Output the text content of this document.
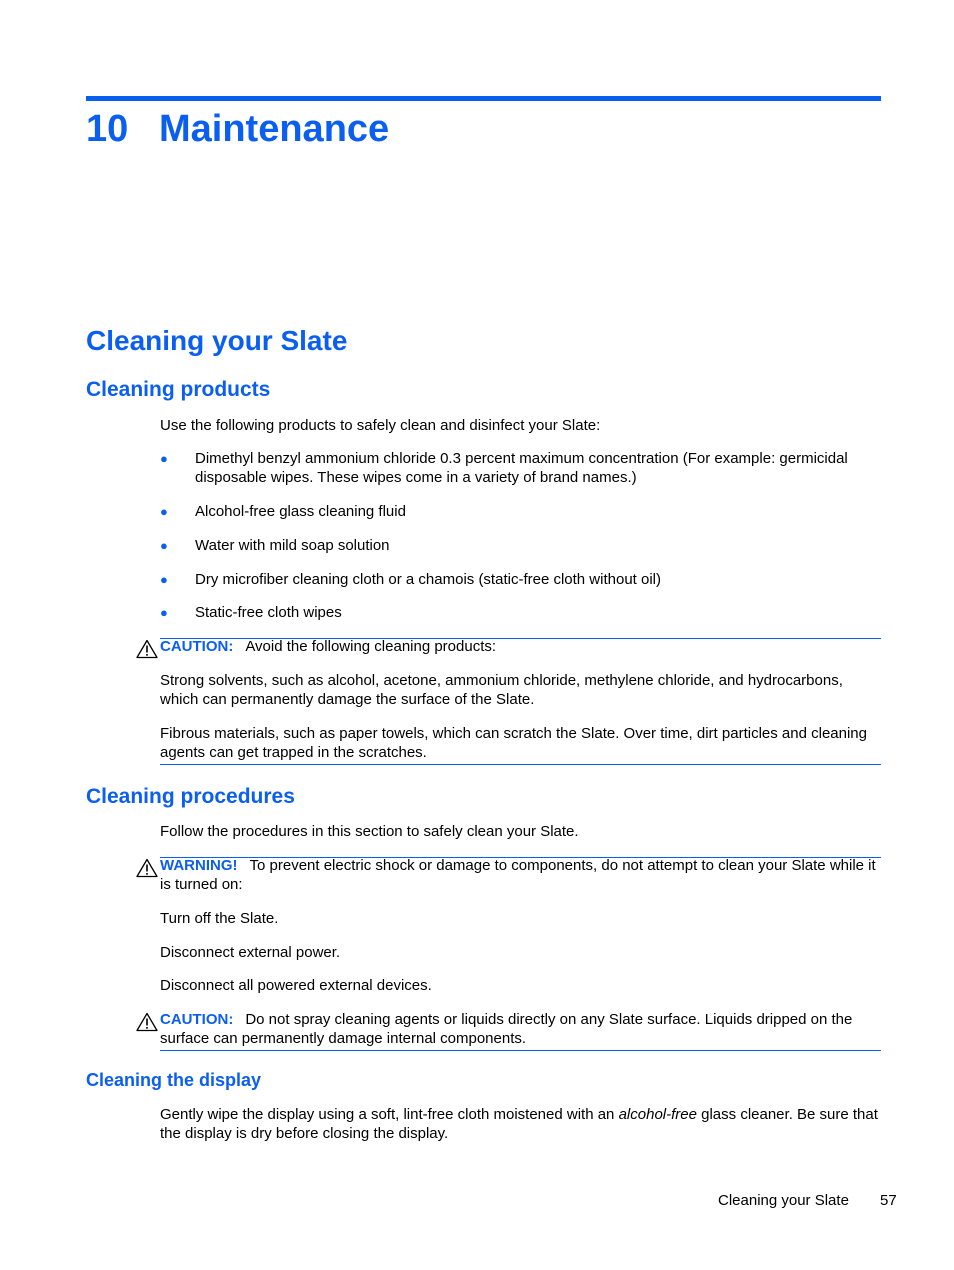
10 Maintenance
Cleaning your Slate
Cleaning products
Use the following products to safely clean and disinfect your Slate:
● Dimethyl benzyl ammonium chloride 0.3 percent maximum concentration (For example: germicidal disposable wipes. These wipes come in a variety of brand names.)
● Alcohol-free glass cleaning fluid
● Water with mild soap solution
● Dry microfiber cleaning cloth or a chamois (static-free cloth without oil)
● Static-free cloth wipes
CAUTION: Avoid the following cleaning products:
Strong solvents, such as alcohol, acetone, ammonium chloride, methylene chloride, and hydrocarbons, which can permanently damage the surface of the Slate.
Fibrous materials, such as paper towels, which can scratch the Slate. Over time, dirt particles and cleaning agents can get trapped in the scratches.
Cleaning procedures
Follow the procedures in this section to safely clean your Slate.
WARNING! To prevent electric shock or damage to components, do not attempt to clean your Slate while it is turned on:
Turn off the Slate.
Disconnect external power.
Disconnect all powered external devices.
CAUTION: Do not spray cleaning agents or liquids directly on any Slate surface. Liquids dripped on the surface can permanently damage internal components.
Cleaning the display
Gently wipe the display using a soft, lint-free cloth moistened with an alcohol-free glass cleaner. Be sure that the display is dry before closing the display.
Cleaning your Slate 57
